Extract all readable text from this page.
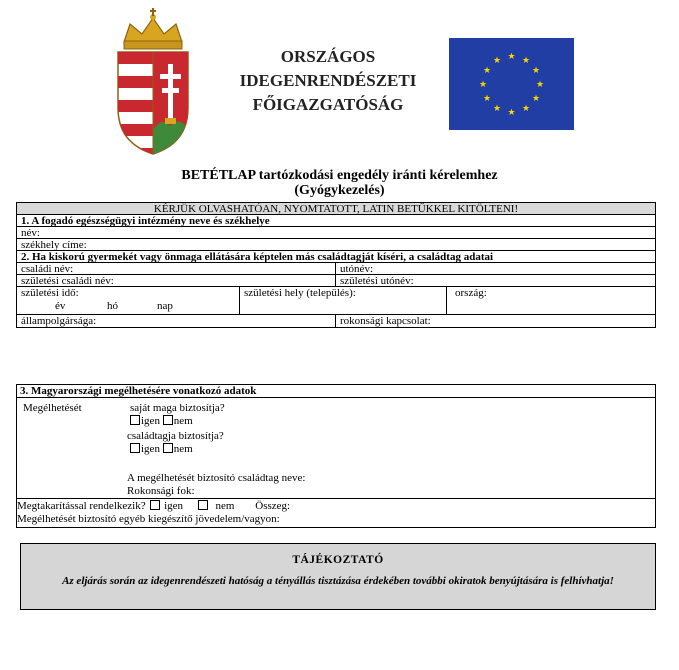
ORSZÁGOS
IDEGENRENDÉSZETI
FŐIGAZGATÓSÁG
★ ★
★
★
★
★
★
★
★
★
★
★
BETÉTLAP tartózkodási engedély iránti kérelemhez
(Gyógykezelés)
KÉRJÜK OLVASHATÓAN, NYOMTATOTT, LATIN BETŰKKEL KITÖLTENI!
1. A fogadó egészségügyi intézmény neve és székhelye
név:
székhely címe:
2. Ha kiskorú gyermekét vagy önmaga ellátására képtelen más családtagját kíséri, a családtag adatai
családi név:	utónév:
születési családi név:	születési utónév:
születési idő:
év	hó	nap
születési hely (település):	ország:
állampolgársága:	rokonsági kapcsolat:
3. Magyarországi megélhetésére vonatkozó adatok
Megélhetését	saját maga biztosítja?
igen nem
családtagja biztosítja?
igen nem
A megélhetését biztosító családtag neve:
Rokonsági fok:
Megtakarítással rendelkezik? igen	nem Összeg:
Megélhetését biztosító egyéb kiegészítő jövedelem/vagyon:
TÁJÉKOZTATÓ
Az eljárás során az idegenrendészeti hatóság a tényállás tisztázása érdekében további okiratok benyújtására is felhívhatja!
